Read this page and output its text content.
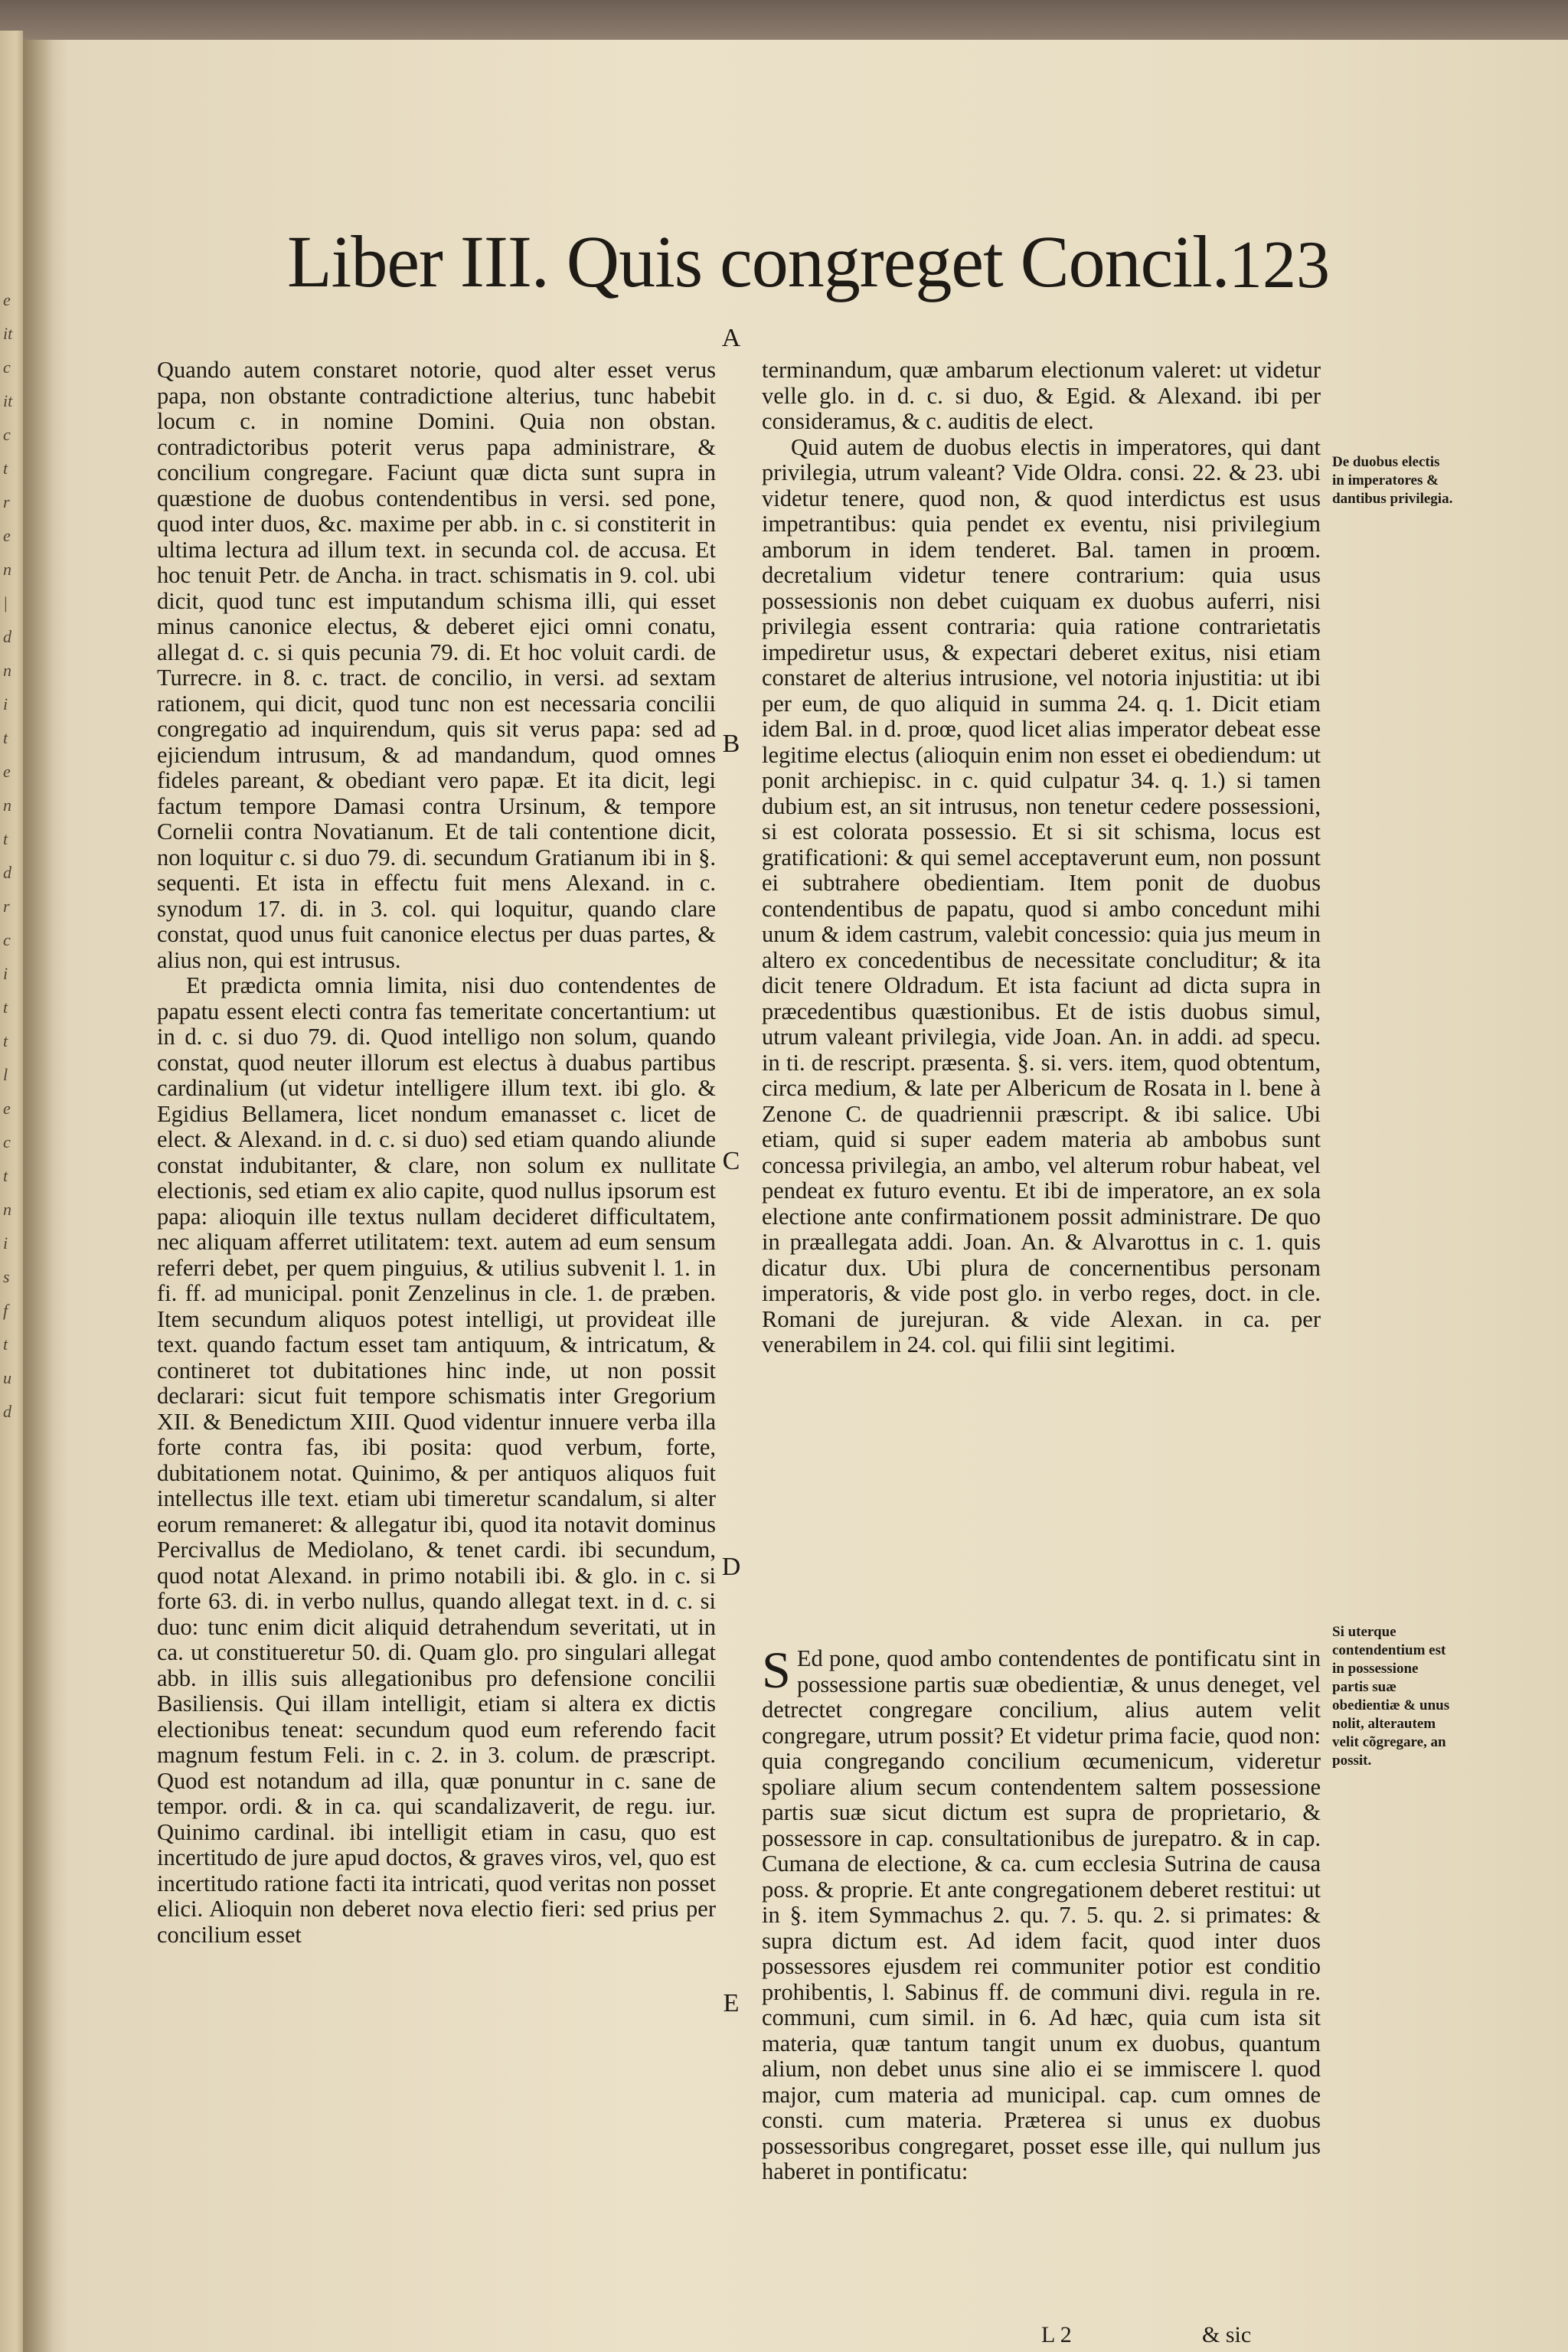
e
it
c
it
c
t
r
e
n
|
d
n
i
t
e
n
t
d
r
c
i
t
t
l
e
c
t
n
i
s
f
t
u
d
Liber III. Quis congreget Concil. 123

Quando autem constaret notorie, quod alter esset verus papa, non obstante contradictione alterius, tunc habebit locum c. in nomine Domini. Quia non obstan. contradictoribus poterit verus papa administrare, & concilium congregare. Faciunt quæ dicta sunt supra in quæstione de duobus contendentibus in versi. sed pone, quod inter duos, &c. maxime per abb. in c. si constiterit in ultima lectura ad illum text. in secunda col. de accusa. Et hoc tenuit Petr. de Ancha. in tract. schismatis in 9. col. ubi dicit, quod tunc est imputandum schisma illi, qui esset minus canonice electus, & deberet ejici omni conatu, allegat d. c. si quis pecunia 79. di. Et hoc voluit cardi. de Turrecre. in 8. c. tract. de concilio, in versi. ad sextam rationem, qui dicit, quod tunc non est necessaria concilii congregatio ad inquirendum, quis sit verus papa: sed ad ejiciendum intrusum, & ad mandandum, quod omnes fideles pareant, & obediant vero papæ. Et ita dicit, legi factum tempore Damasi contra Ursinum, & tempore Cornelii contra Novatianum. Et de tali contentione dicit, non loquitur c. si duo 79. di. secundum Gratianum ibi in §. sequenti. Et ista in effectu fuit mens Alexand. in c. synodum 17. di. in 3. col. qui loquitur, quando clare constat, quod unus fuit canonice electus per duas partes, & alius non, qui est intrusus.

Et prædicta omnia limita, nisi duo contendentes de papatu essent electi contra fas temeritate concertantium: ut in d. c. si duo 79. di. Quod intelligo non solum, quando constat, quod neuter illorum est electus à duabus partibus cardinalium (ut videtur intelligere illum text. ibi glo. & Egidius Bellamera, licet nondum emanasset c. licet de elect. & Alexand. in d. c. si duo) sed etiam quando aliunde constat indubitanter, & clare, non solum ex nullitate electionis, sed etiam ex alio capite, quod nullus ipsorum est papa: alioquin ille textus nullam decideret difficultatem, nec aliquam afferret utilitatem: text. autem ad eum sensum referri debet, per quem pinguius, & utilius subvenit l. 1. in fi. ff. ad municipal. ponit Zenzelinus in cle. 1. de præben. Item secundum aliquos potest intelligi, ut provideat ille text. quando factum esset tam antiquum, & intricatum, & contineret tot dubitationes hinc inde, ut non possit declarari: sicut fuit tempore schismatis inter Gregorium XII. & Benedictum XIII. Quod videntur innuere verba illa forte contra fas, ibi posita: quod verbum, forte, dubitationem notat. Quinimo, & per antiquos aliquos fuit intellectus ille text. etiam ubi timeretur scandalum, si alter eorum remaneret: & allegatur ibi, quod ita notavit dominus Percivallus de Mediolano, & tenet cardi. ibi secundum, quod notat Alexand. in primo notabili ibi. & glo. in c. si forte 63. di. in verbo nullus, quando allegat text. in d. c. si duo: tunc enim dicit aliquid detrahendum severitati, ut in ca. ut constitueretur 50. di. Quam glo. pro singulari allegat abb. in illis suis allegationibus pro defensione concilii Basiliensis. Qui illam intelligit, etiam si altera ex dictis electionibus teneat: secundum quod eum referendo facit magnum festum Feli. in c. 2. in 3. colum. de præscript. Quod est notandum ad illa, quæ ponuntur in c. sane de tempor. ordi. & in ca. qui scandalizaverit, de regu. iur. Quinimo cardinal. ibi intelligit etiam in casu, quo est incertitudo de jure apud doctos, & graves viros, vel, quo est incertitudo ratione facti ita intricati, quod veritas non posset elici. Alioquin non deberet nova electio fieri: sed prius per concilium esset

terminandum, quæ ambarum electionum valeret: ut videtur velle glo. in d. c. si duo, & Egid. & Alexand. ibi per consideramus, & c. auditis de elect.

Quid autem de duobus electis in imperatores, qui dant privilegia, utrum valeant? Vide Oldra. consi. 22. & 23. ubi videtur tenere, quod non, & quod interdictus est usus impetrantibus: quia pendet ex eventu, nisi privilegium amborum in idem tenderet. Bal. tamen in proœm. decretalium videtur tenere contrarium: quia usus possessionis non debet cuiquam ex duobus auferri, nisi privilegia essent contraria: quia ratione contrarietatis impediretur usus, & expectari deberet exitus, nisi etiam constaret de alterius intrusione, vel notoria injustitia: ut ibi per eum, de quo aliquid in summa 24. q. 1. Dicit etiam idem Bal. in d. proœ, quod licet alias imperator debeat esse legitime electus (alioquin enim non esset ei obediendum: ut ponit archiepisc. in c. quid culpatur 34. q. 1.) si tamen dubium est, an sit intrusus, non tenetur cedere possessioni, si est colorata possessio. Et si sit schisma, locus est gratificationi: & qui semel acceptaverunt eum, non possunt ei subtrahere obedientiam. Item ponit de duobus contendentibus de papatu, quod si ambo concedunt mihi unum & idem castrum, valebit concessio: quia jus meum in altero ex concedentibus de necessitate concluditur; & ita dicit tenere Oldradum. Et ista faciunt ad dicta supra in præcedentibus quæstionibus. Et de istis duobus simul, utrum valeant privilegia, vide Joan. An. in addi. ad specu. in ti. de rescript. præsenta. §. si. vers. item, quod obtentum, circa medium, & late per Albericum de Rosata in l. bene à Zenone C. de quadriennii præscript. & ibi salice. Ubi etiam, quid si super eadem materia ab ambobus sunt concessa privilegia, an ambo, vel alterum robur habeat, vel pendeat ex futuro eventu. Et ibi de imperatore, an ex sola electione ante confirmationem possit administrare. De quo in præallegata addi. Joan. An. & Alvarottus in c. 1. quis dicatur dux. Ubi plura de concernentibus personam imperatoris, & vide post glo. in verbo reges, doct. in cle. Romani de jurejuran. & vide Alexan. in ca. per venerabilem in 24. col. qui filii sint legitimi.

S Ed pone, quod ambo contendentes de pontificatu sint in possessione partis suæ obedientiæ, & unus deneget, vel detrectet congregare concilium, alius autem velit congregare, utrum possit? Et videtur prima facie, quod non: quia congregando concilium œcumenicum, videretur spoliare alium secum contendentem saltem possessione partis suæ sicut dictum est supra de proprietario, & possessore in cap. consultationibus de jurepatro. & in cap. Cumana de electione, & ca. cum ecclesia Sutrina de causa poss. & proprie. Et ante congregationem deberet restitui: ut in §. item Symmachus 2. qu. 7. 5. qu. 2. si primates: & supra dictum est. Ad idem facit, quod inter duos possessores ejusdem rei communiter potior est conditio prohibentis, l. Sabinus ff. de communi divi. regula in re. communi, cum simil. in 6. Ad hæc, quia cum ista sit materia, quæ tantum tangit unum ex duobus, quantum alium, non debet unus sine alio ei se immiscere l. quod major, cum materia ad municipal. cap. cum omnes de consti. cum materia. Præterea si unus ex duobus possessoribus congregaret, posset esse ille, qui nullum jus haberet in pontificatu:

A
B
C
D
E
De duobus electis in imperatores & dantibus privilegia.
Si uterque contendentium est in possessione partis suæ obedientiæ & unus nolit, alterautem velit cõgregare, an possit.
L 2	& sic
